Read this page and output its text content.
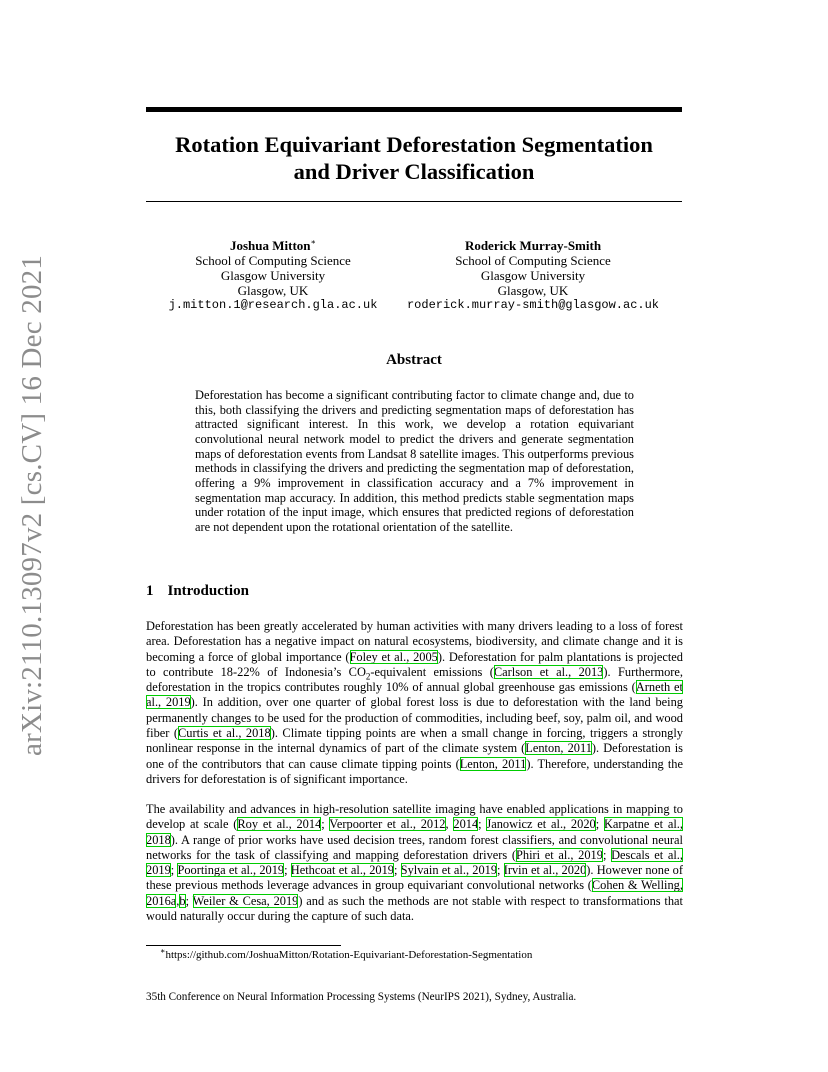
arXiv:2110.13097v2 [cs.CV] 16 Dec 2021
Rotation Equivariant Deforestation Segmentation
and Driver Classification
Joshua Mitton∗
School of Computing Science
Glasgow University
Glasgow, UK
j.mitton.1@research.gla.ac.uk
Roderick Murray-Smith
School of Computing Science
Glasgow University
Glasgow, UK
roderick.murray-smith@glasgow.ac.uk
Abstract

Deforestation has become a significant contributing factor to climate change and, due to this, both classifying the drivers and predicting segmentation maps of deforestation has attracted significant interest. In this work, we develop a rotation equivariant convolutional neural network model to predict the drivers and generate segmentation maps of deforestation events from Landsat 8 satellite images. This outperforms previous methods in classifying the drivers and predicting the segmentation map of deforestation, offering a 9% improvement in classification accuracy and a 7% improvement in segmentation map accuracy. In addition, this method predicts stable segmentation maps under rotation of the input image, which ensures that predicted regions of deforestation are not dependent upon the rotational orientation of the satellite.

1 Introduction

Deforestation has been greatly accelerated by human activities with many drivers leading to a loss of forest area. Deforestation has a negative impact on natural ecosystems, biodiversity, and climate change and it is becoming a force of global importance (Foley et al., 2005). Deforestation for palm plantations is projected to contribute 18-22% of Indonesia’s $CO_2$-equivalent emissions (Carlson et al., 2013). Furthermore, deforestation in the tropics contributes roughly 10% of annual global greenhouse gas emissions (Arneth et al., 2019). In addition, over one quarter of global forest loss is due to deforestation with the land being permanently changes to be used for the production of commodities, including beef, soy, palm oil, and wood fiber (Curtis et al., 2018). Climate tipping points are when a small change in forcing, triggers a strongly nonlinear response in the internal dynamics of part of the climate system (Lenton, 2011). Deforestation is one of the contributors that can cause climate tipping points (Lenton, 2011). Therefore, understanding the drivers for deforestation is of significant importance.

The availability and advances in high-resolution satellite imaging have enabled applications in mapping to develop at scale (Roy et al., 2014; Verpoorter et al., 2012, 2014; Janowicz et al., 2020; Karpatne et al., 2018). A range of prior works have used decision trees, random forest classifiers, and convolutional neural networks for the task of classifying and mapping deforestation drivers (Phiri et al., 2019; Descals et al., 2019; Poortinga et al., 2019; Hethcoat et al., 2019; Sylvain et al., 2019; Irvin et al., 2020). However none of these previous methods leverage advances in group equivariant convolutional networks (Cohen & Welling, 2016a,b; Weiler & Cesa, 2019) and as such the methods are not stable with respect to transformations that would naturally occur during the capture of such data.

∗https://github.com/JoshuaMitton/Rotation-Equivariant-Deforestation-Segmentation

35th Conference on Neural Information Processing Systems (NeurIPS 2021), Sydney, Australia.
